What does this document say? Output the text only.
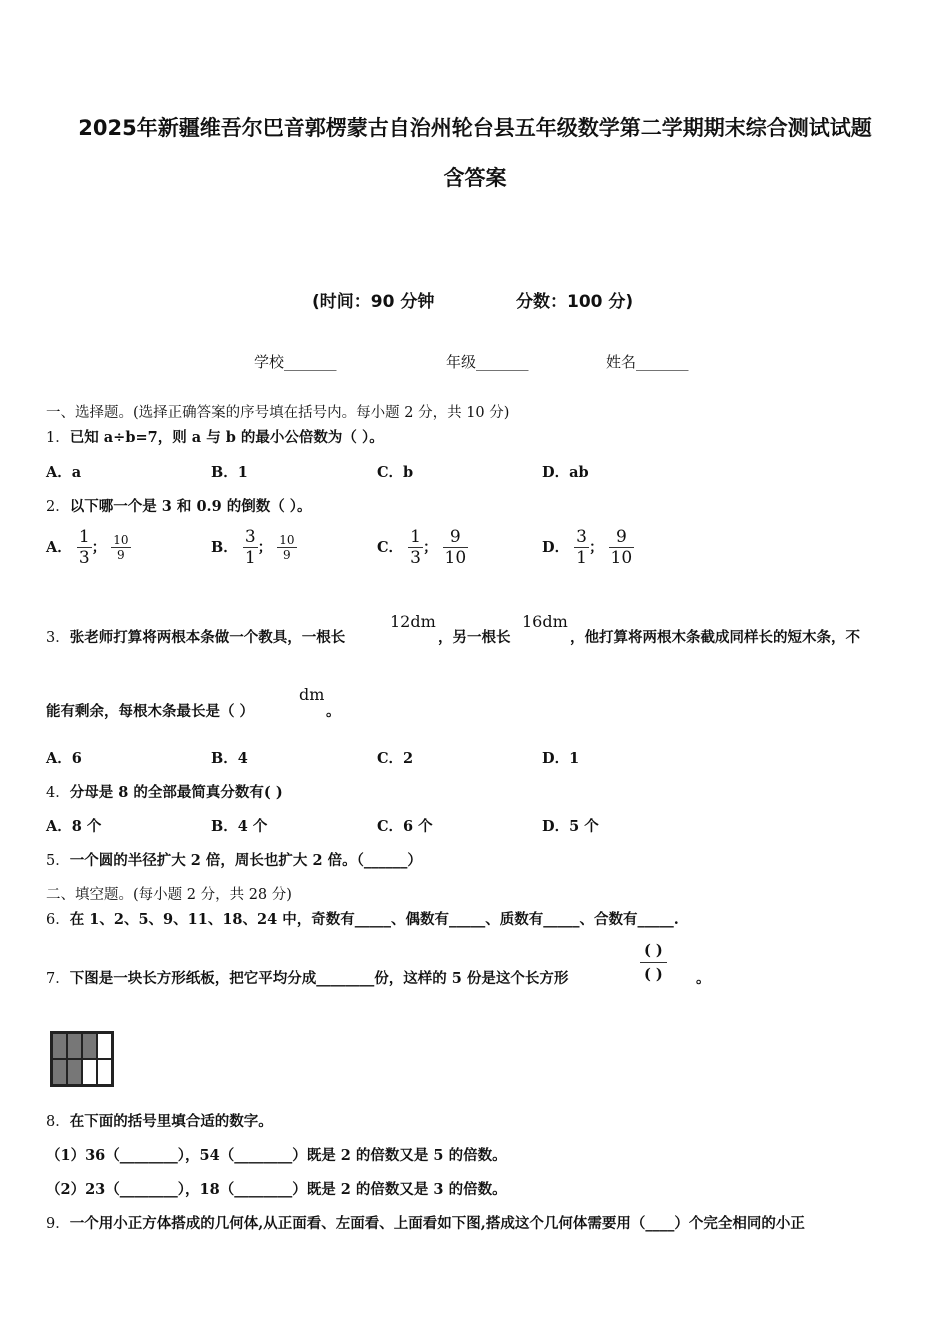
2025年新疆维吾尔巴音郭楞蒙古自治州轮台县五年级数学第二学期期末综合测试试题
含答案
(时间：90 分钟	分数：100 分)
学校_______	年级_______	姓名_______
一、选择题。(选择正确答案的序号填在括号内。每小题 2 分，共 10 分)
1．已知 a÷b=7，则 a 与 b 的最小公倍数为（ ）。
A．a	B．1	C．b	D．ab
2．以下哪一个是 3 和 0.9 的倒数（ ）。
A． $\frac{1}{3}$ ； $\frac{10}{9}$	B． $\frac{3}{1}$ ； $\frac{10}{9}$	C． $\frac{1}{3}$ ； $\frac{9}{10}$	D． $\frac{3}{1}$ ； $\frac{9}{10}$
3．张老师打算将两根本条做一个教具，一根长
12dm
，另一根长
16dm
，他打算将两根木条截成同样长的短木条，不
能有剩余，每根木条最长是（ ）
dm
。
A．6	B．4	C．2	D．1
4．分母是 8 的全部最简真分数有( )
A．8 个	B．4 个	C．6 个	D．5 个
5．一个圆的半径扩大 2 倍，周长也扩大 2 倍。（______）
二、填空题。(每小题 2 分，共 28 分)
6．在 1、2、5、9、11、18、24 中，奇数有_____、偶数有_____、质数有_____、合数有_____.
7．下图是一块长方形纸板，把它平均分成________份，这样的 5 份是这个长方形
( )
( ) 。
8．在下面的括号里填合适的数字。
（1）36（________），54（________）既是 2 的倍数又是 5 的倍数。
（2）23（________），18（________）既是 2 的倍数又是 3 的倍数。
9．一个用小正方体搭成的几何体,从正面看、左面看、上面看如下图,搭成这个几何体需要用（____）个完全相同的小正
